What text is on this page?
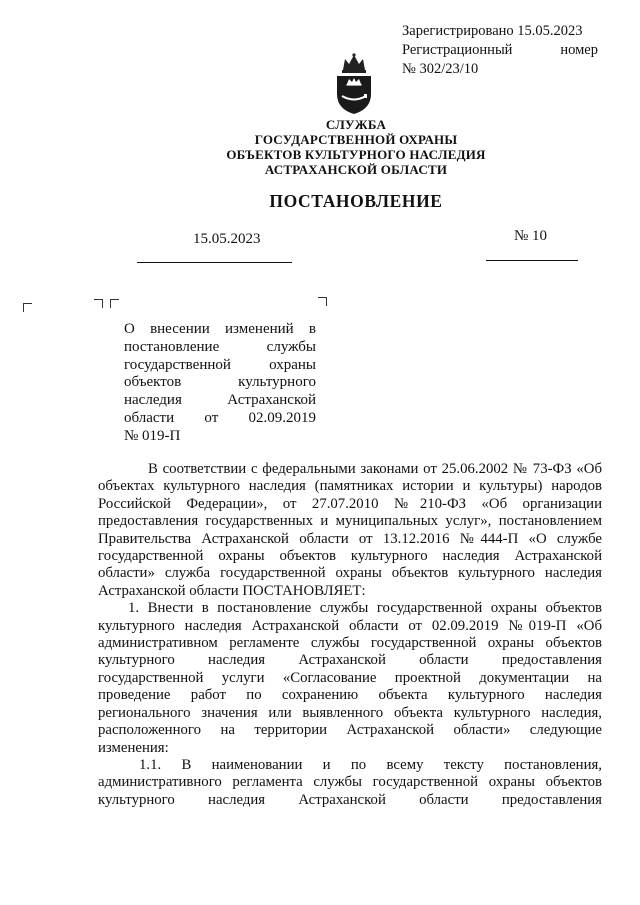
Зарегистрировано 15.05.2023
Регистрационный	номер
№ 302/23/10
СЛУЖБА
ГОСУДАРСТВЕННОЙ ОХРАНЫ
ОБЪЕКТОВ КУЛЬТУРНОГО НАСЛЕДИЯ
АСТРАХАНСКОЙ ОБЛАСТИ
ПОСТАНОВЛЕНИЕ
15.05.2023	№ 10
О внесении изменений в
постановление службы
государственной охраны
объектов культурного
наследия Астраханской
области от 02.09.2019
№ 019-П
В соответствии с федеральными законами от 25.06.2002 № 73-ФЗ «Об
объектах культурного наследия (памятниках истории и культуры) народов
Российской Федерации», от 27.07.2010 №210-ФЗ «Об организации
предоставления государственных и муниципальных услуг», постановлением
Правительства Астраханской области от 13.12.2016 №444-П «О службе
государственной охраны объектов культурного наследия Астраханской
области» служба государственной охраны объектов культурного наследия
Астраханской области ПОСТАНОВЛЯЕТ:
1. Внести в постановление службы государственной охраны объектов
культурного наследия Астраханской области от 02.09.2019 №019-П «Об
административном регламенте службы государственной охраны объектов
культурного наследия Астраханской области предоставления
государственной услуги «Согласование проектной документации на
проведение работ по сохранению объекта культурного наследия
регионального значения или выявленного объекта культурного наследия,
расположенного на территории Астраханской области» следующие
изменения:
1.1. В наименовании и по всему тексту постановления,
административного регламента службы государственной охраны объектов
культурного наследия Астраханской области предоставления
